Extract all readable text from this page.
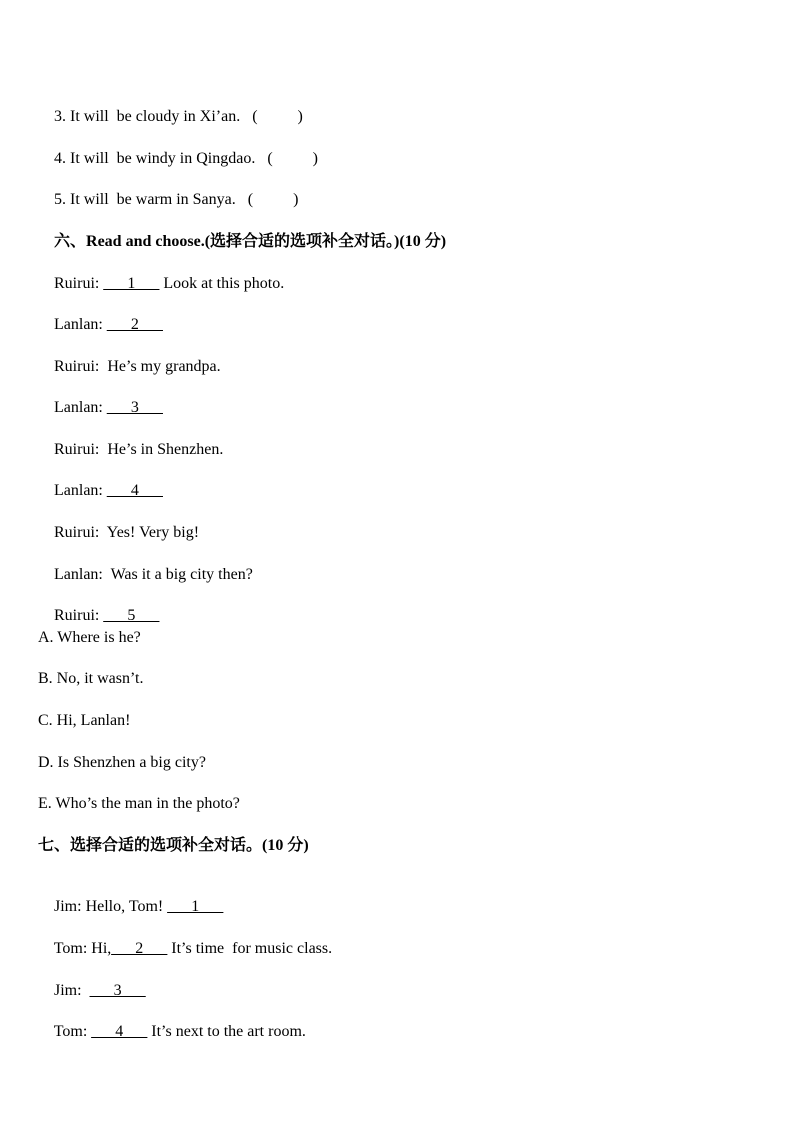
3. It will  be cloudy in Xi’an. (          )

4. It will  be windy in Qingdao. (          )

5. It will  be warm in Sanya. (          )

六、Read and choose.(选择合适的选项补全对话。)(10 分)

Ruirui: ___1___ Look at this photo.

Lanlan: ___2___

Ruirui:  He’s my grandpa.

Lanlan: ___3___

Ruirui:  He’s in Shenzhen.

Lanlan: ___4___

Ruirui:  Yes! Very big!

Lanlan:  Was it a big city then?

Ruirui: ___5___

A. Where is he?
B. No, it wasn’t.
C. Hi, Lanlan!
D. Is Shenzhen a big city?
E. Who’s the man in the photo?
七、选择合适的选项补全对话。(10 分)

Jim: Hello, Tom! ___1___

Tom: Hi,___2___ It’s time  for music class.

Jim:  ___3___

Tom: ___4___ It’s next to the art room.
